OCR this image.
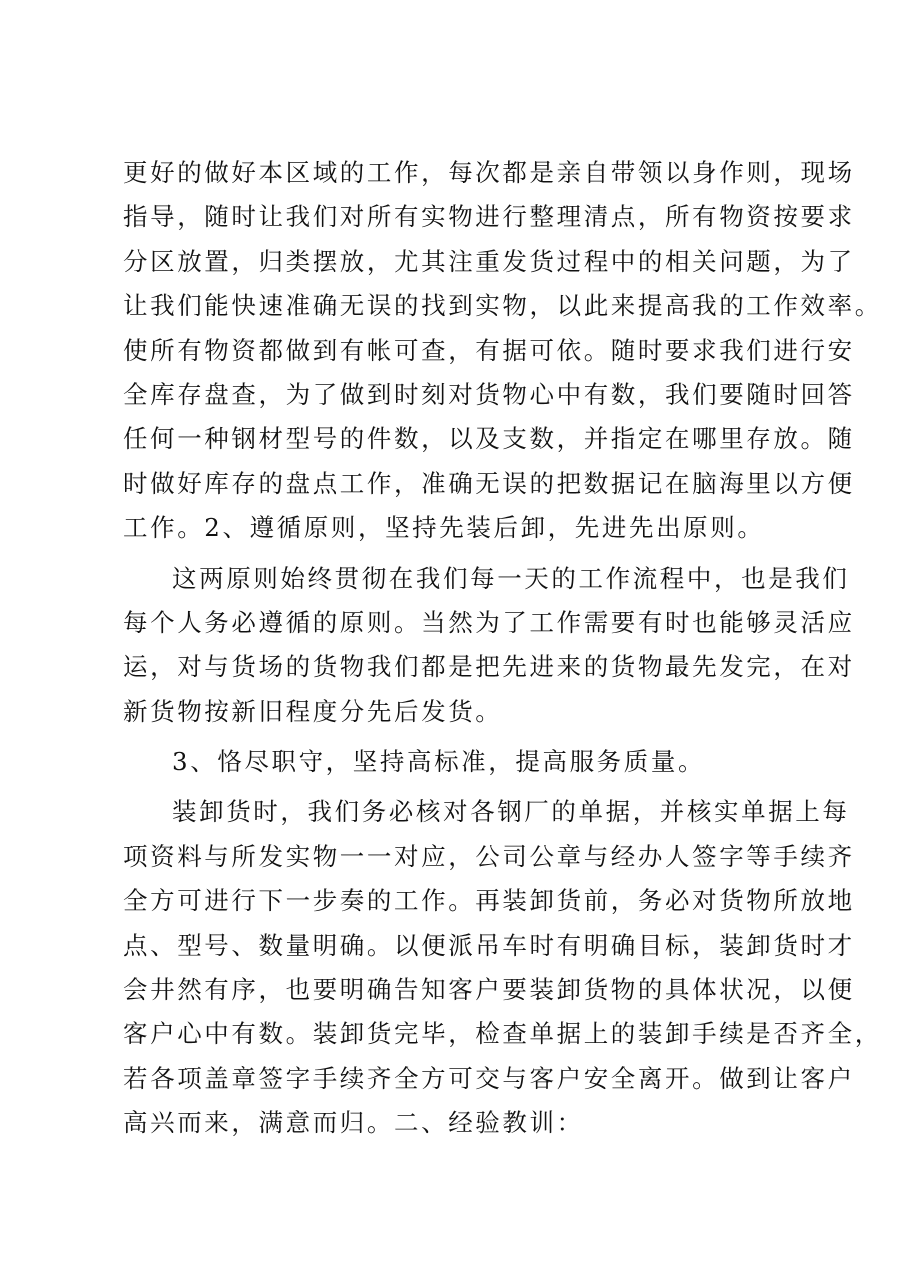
更好的做好本区域的工作，每次都是亲自带领以身作则，现场
指导，随时让我们对所有实物进行整理清点，所有物资按要求
分区放置，归类摆放，尤其注重发货过程中的相关问题，为了
让我们能快速准确无误的找到实物，以此来提高我的工作效率。
使所有物资都做到有帐可查，有据可依。随时要求我们进行安
全库存盘查，为了做到时刻对货物心中有数，我们要随时回答
任何一种钢材型号的件数，以及支数，并指定在哪里存放。随
时做好库存的盘点工作，准确无误的把数据记在脑海里以方便
工作。2、遵循原则，坚持先装后卸，先进先出原则。
这两原则始终贯彻在我们每一天的工作流程中，也是我们
每个人务必遵循的原则。当然为了工作需要有时也能够灵活应
运，对与货场的货物我们都是把先进来的货物最先发完，在对
新货物按新旧程度分先后发货。
3、恪尽职守，坚持高标准，提高服务质量。
装卸货时，我们务必核对各钢厂的单据，并核实单据上每
项资料与所发实物一一对应，公司公章与经办人签字等手续齐
全方可进行下一步奏的工作。再装卸货前，务必对货物所放地
点、型号、数量明确。以便派吊车时有明确目标，装卸货时才
会井然有序，也要明确告知客户要装卸货物的具体状况，以便
客户心中有数。装卸货完毕，检查单据上的装卸手续是否齐全，
若各项盖章签字手续齐全方可交与客户安全离开。做到让客户
高兴而来，满意而归。二、经验教训：
